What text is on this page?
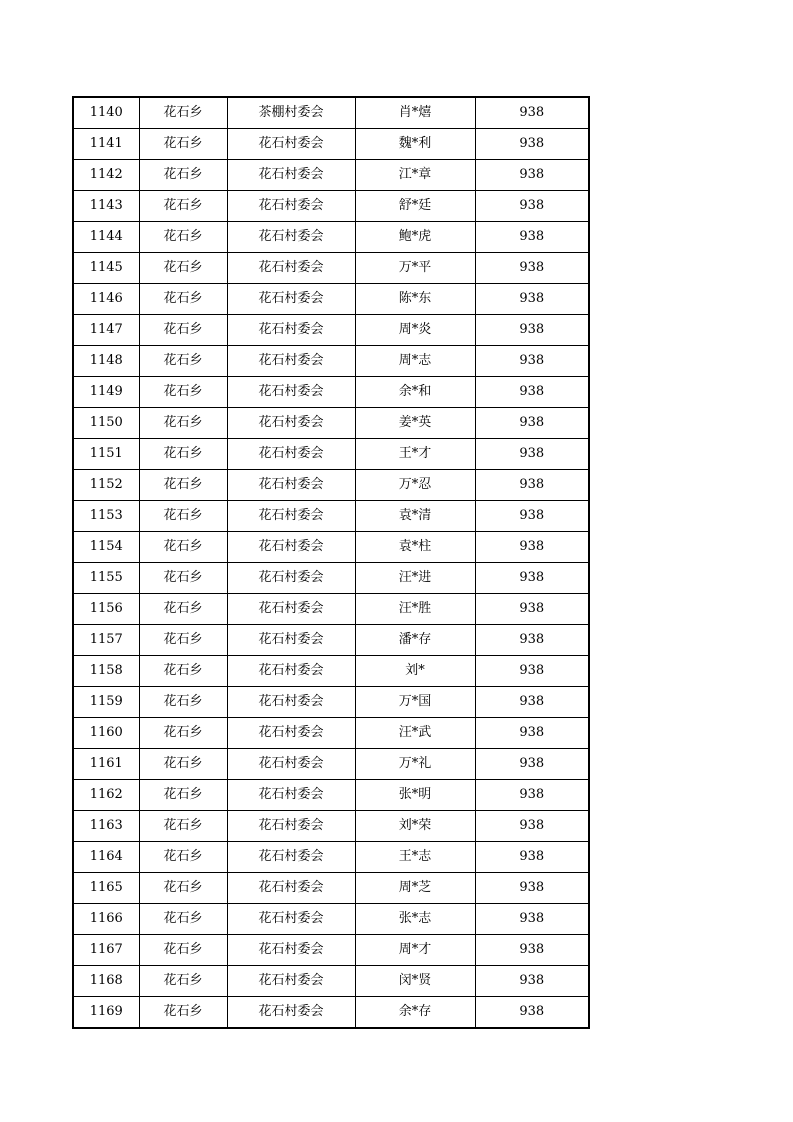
1140	花石乡	茶棚村委会	肖*熺	938
1141	花石乡	花石村委会	魏*利	938
1142	花石乡	花石村委会	江*章	938
1143	花石乡	花石村委会	舒*廷	938
1144	花石乡	花石村委会	鲍*虎	938
1145	花石乡	花石村委会	万*平	938
1146	花石乡	花石村委会	陈*东	938
1147	花石乡	花石村委会	周*炎	938
1148	花石乡	花石村委会	周*志	938
1149	花石乡	花石村委会	余*和	938
1150	花石乡	花石村委会	姜*英	938
1151	花石乡	花石村委会	王*才	938
1152	花石乡	花石村委会	万*忍	938
1153	花石乡	花石村委会	袁*清	938
1154	花石乡	花石村委会	袁*柱	938
1155	花石乡	花石村委会	汪*进	938
1156	花石乡	花石村委会	汪*胜	938
1157	花石乡	花石村委会	潘*存	938
1158	花石乡	花石村委会	刘*	938
1159	花石乡	花石村委会	万*国	938
1160	花石乡	花石村委会	汪*武	938
1161	花石乡	花石村委会	万*礼	938
1162	花石乡	花石村委会	张*明	938
1163	花石乡	花石村委会	刘*荣	938
1164	花石乡	花石村委会	王*志	938
1165	花石乡	花石村委会	周*芝	938
1166	花石乡	花石村委会	张*志	938
1167	花石乡	花石村委会	周*才	938
1168	花石乡	花石村委会	闵*贤	938
1169	花石乡	花石村委会	余*存	938
